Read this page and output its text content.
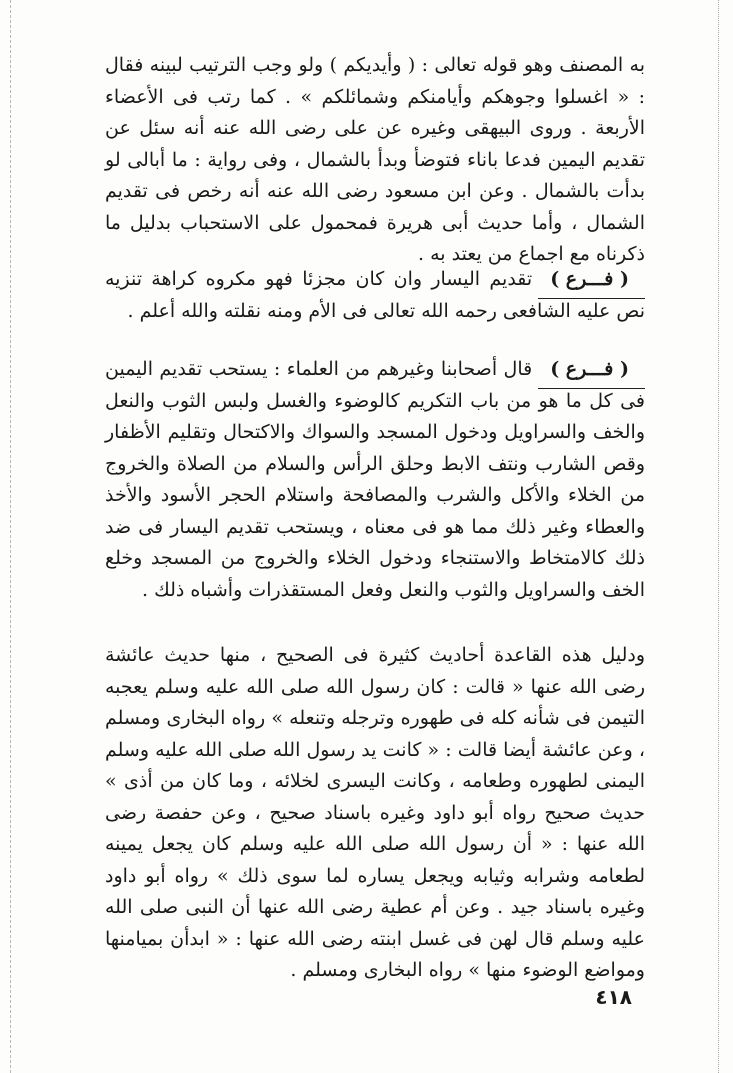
به المصنف وهو قوله تعالى : ( وأيديكم ) ولو وجب الترتيب لبينه فقال : « اغسلوا وجوهكم وأيامنكم وشمائلكم » . كما رتب فى الأعضاء الأربعة . وروى البيهقى وغيره عن على رضى الله عنه أنه سئل عن تقديم اليمين فدعا باناء فتوضأ وبدأ بالشمال ، وفى رواية : ما أبالى لو بدأت بالشمال . وعن ابن مسعود رضى الله عنه أنه رخص فى تقديم الشمال ، وأما حديث أبى هريرة فمحمول على الاستحباب بدليل ما ذكرناه مع اجماع من يعتد به .

( فـــرع )تقديم اليسار وان كان مجزئا فهو مكروه كراهة تنزيه نص عليه الشافعى رحمه الله تعالى فى الأم ومنه نقلته والله أعلم .

( فـــرع )قال أصحابنا وغيرهم من العلماء : يستحب تقديم اليمين فى كل ما هو من باب التكريم كالوضوء والغسل ولبس الثوب والنعل والخف والسراويل ودخول المسجد والسواك والاكتحال وتقليم الأظفار وقص الشارب ونتف الابط وحلق الرأس والسلام من الصلاة والخروج من الخلاء والأكل والشرب والمصافحة واستلام الحجر الأسود والأخذ والعطاء وغير ذلك مما هو فى معناه ، ويستحب تقديم اليسار فى ضد ذلك كالامتخاط والاستنجاء ودخول الخلاء والخروج من المسجد وخلع الخف والسراويل والثوب والنعل وفعل المستقذرات وأشباه ذلك .

ودليل هذه القاعدة أحاديث كثيرة فى الصحيح ، منها حديث عائشة رضى الله عنها « قالت : كان رسول الله صلى الله عليه وسلم يعجبه التيمن فى شأنه كله فى طهوره وترجله وتنعله » رواه البخارى ومسلم ، وعن عائشة أيضا قالت : « كانت يد رسول الله صلى الله عليه وسلم اليمنى لطهوره وطعامه ، وكانت اليسرى لخلائه ، وما كان من أذى » حديث صحيح رواه أبو داود وغيره باسناد صحيح ، وعن حفصة رضى الله عنها : « أن رسول الله صلى الله عليه وسلم كان يجعل يمينه لطعامه وشرابه وثيابه ويجعل يساره لما سوى ذلك » رواه أبو داود وغيره باسناد جيد . وعن أم عطية رضى الله عنها أن النبى صلى الله عليه وسلم قال لهن فى غسل ابنته رضى الله عنها : « ابدأن بميامنها ومواضع الوضوء منها » رواه البخارى ومسلم .

٤١٨
